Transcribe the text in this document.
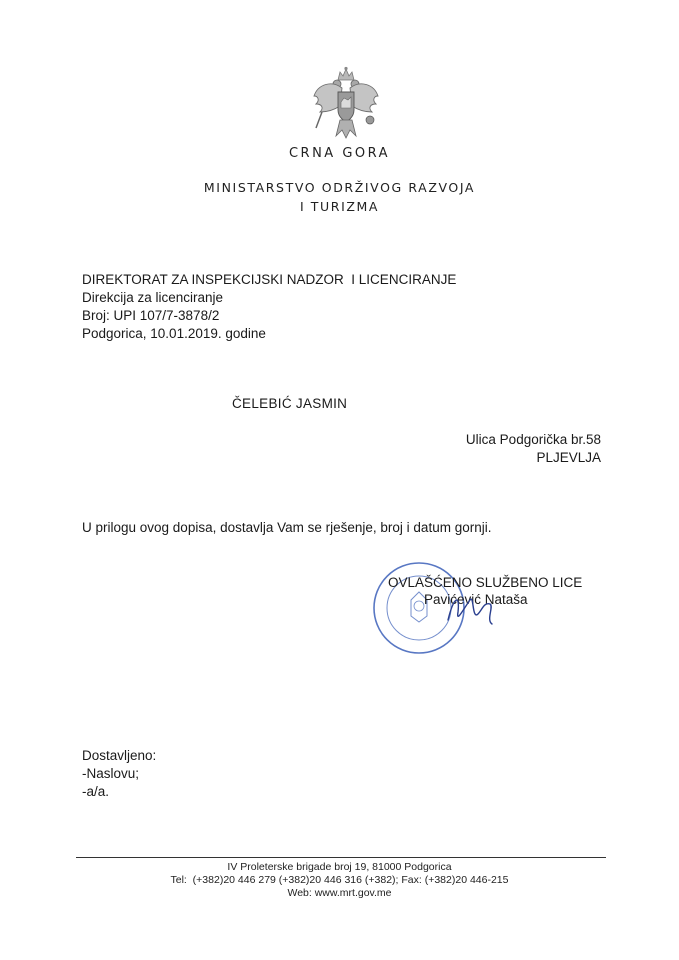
CRNA GORA
MINISTARSTVO ODRŽIVOG RAZVOJA
I TURIZMA
DIREKTORAT ZA INSPEKCIJSKI NADZOR  I LICENCIRANJE
Direkcija za licenciranje
Broj: UPI 107/7-3878/2
Podgorica, 10.01.2019. godine
ČELEBIĆ JASMIN
Ulica Podgorička br.58
PLJEVLJA
U prilogu ovog dopisa, dostavlja Vam se rješenje, broj i datum gornji.
OVLAŠĆENO SLUŽBENO LICE
Pavićević Nataša
Dostavljeno:
-Naslovu;
-a/a.
IV Proleterske brigade broj 19, 81000 Podgorica
Tel:  (+382)20 446 279 (+382)20 446 316 (+382); Fax: (+382)20 446-215
Web: www.mrt.gov.me
